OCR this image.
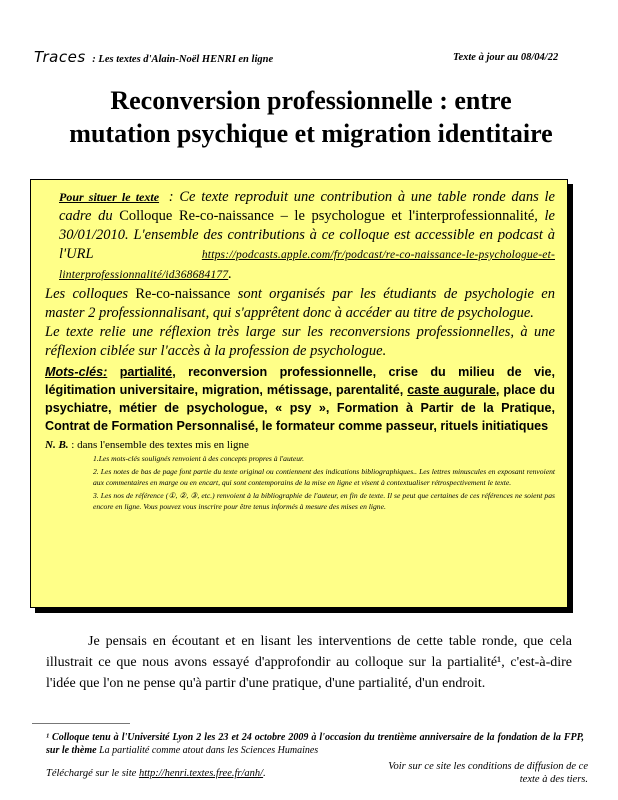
Traces : Les textes d'Alain-Noël HENRI en ligne	Texte à jour au 08/04/22
Reconversion professionnelle : entre
mutation psychique et migration identitaire

Pour situer le texte : Ce texte reproduit une contribution à une table ronde dans le cadre du Colloque Re-co-naissance – le psychologue et l'interprofessionnalité, le 30/01/2010. L'ensemble des contributions à ce colloque est accessible en podcast à l'URL https://podcasts.apple.com/fr/podcast/re-co-naissance-le-psychologue-et-linterprofessionnalité/id368684177.

Les colloques Re-co-naissance sont organisés par les étudiants de psychologie en master 2 professionnalisant, qui s'apprêtent donc à accéder au titre de psychologue.

Le texte relie une réflexion très large sur les reconversions professionnelles, à une réflexion ciblée sur l'accès à la profession de psychologue.

Mots-clés: partialité, reconversion professionnelle, crise du milieu de vie, légitimation universitaire, migration, métissage, parentalité, caste augurale, place du psychiatre, métier de psychologue, « psy », Formation à Partir de la Pratique, Contrat de Formation Personnalisé, le formateur comme passeur, rituels initiatiques

N. B. : dans l'ensemble des textes mis en ligne

1.Les mots-clés soulignés renvoient à des concepts propres à l'auteur.

2. Les notes de bas de page font partie du texte original ou contiennent des indications bibliographiques.. Les lettres minuscules en exposant renvoient aux commentaires en marge ou en encart, qui sont contemporains de la mise en ligne et visent à contextualiser rétrospectivement le texte.

3. Les nos de référence (①, ②, ③, etc.) renvoient à la bibliographie de l'auteur, en fin de texte. Il se peut que certaines de ces références ne soient pas encore en ligne. Vous pouvez vous inscrire pour être tenus informés à mesure des mises en ligne.

Je pensais en écoutant et en lisant les interventions de cette table ronde, que cela illustrait ce que nous avons essayé d'approfondir au colloque sur la partialité¹, c'est-à-dire l'idée que l'on ne pense qu'à partir d'une pratique, d'une partialité, d'un endroit.

¹ Colloque tenu à l'Université Lyon 2 les 23 et 24 octobre 2009 à l'occasion du trentième anniversaire de la fondation de la FPP, sur le thème La partialité comme atout dans les Sciences Humaines

Téléchargé sur le site http://henri.textes.free.fr/anh/.
Voir sur ce site les conditions de diffusion de ce texte à des tiers.
